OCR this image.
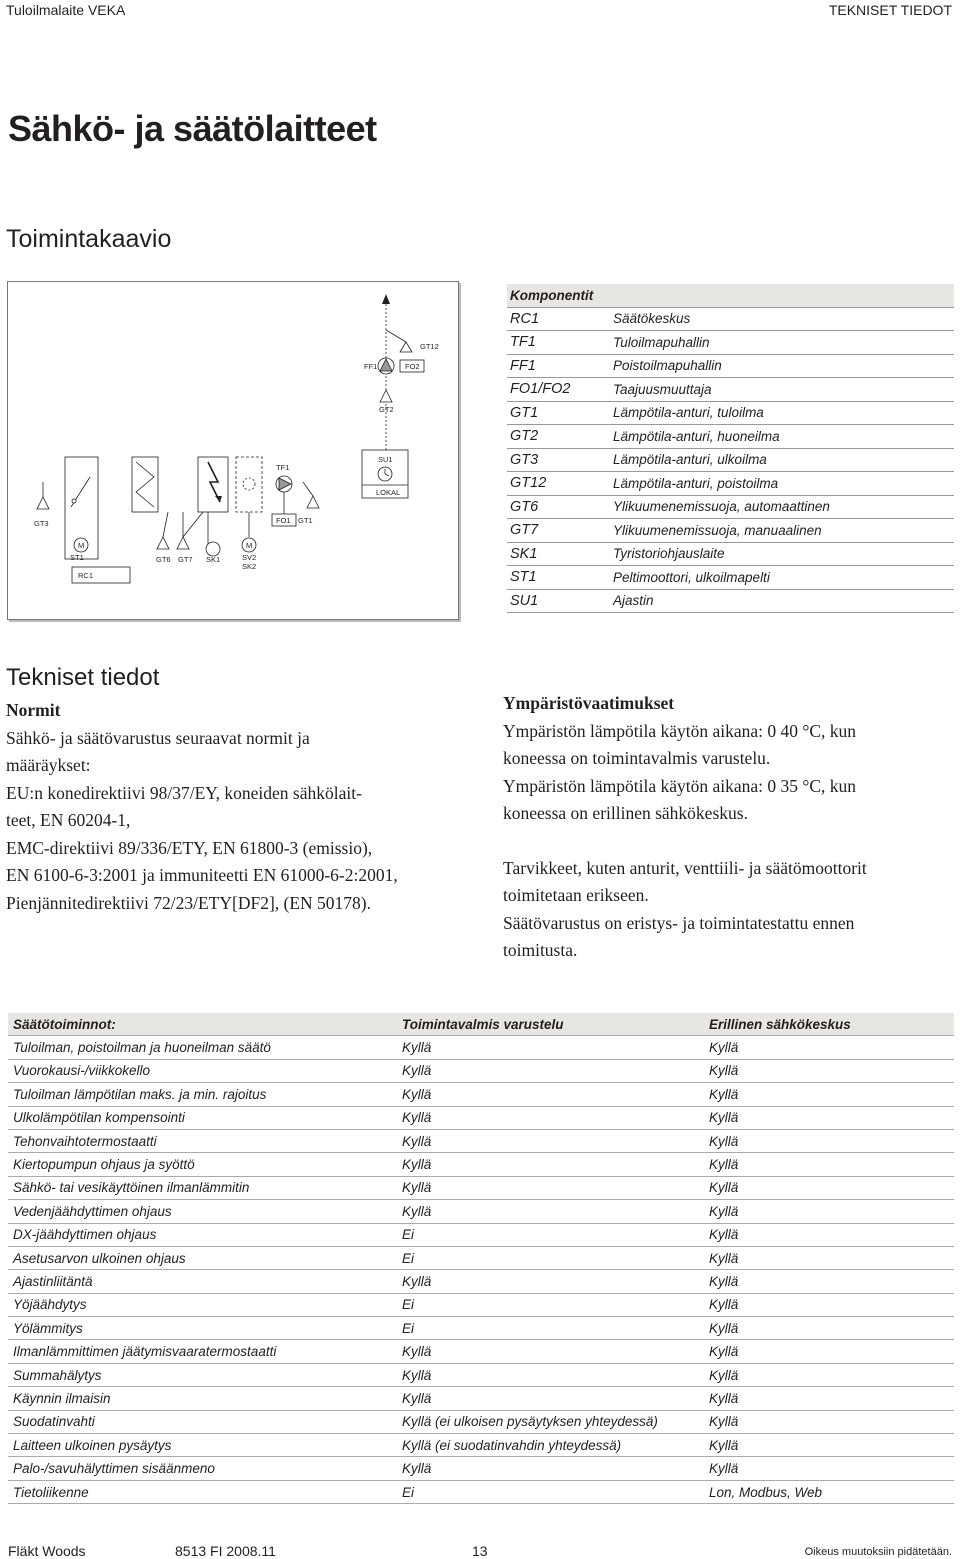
Tuloilmalaite VEKA	TEKNISET TIEDOT
Sähkö- ja säätölaitteet
Toimintakaavio
GT12
FF1	FO2
GT2
SU1
LOKAL
GT3
M
ST1
RC1
GT6 GT7 SK1
M
SV2
SK2
TF1
FO1 GT1
Komponentit	
RC1	Säätökeskus
TF1	Tuloilmapuhallin
FF1	Poistoilmapuhallin
FO1/FO2	Taajuusmuuttaja
GT1	Lämpötila-anturi, tuloilma
GT2	Lämpötila-anturi, huoneilma
GT3	Lämpötila-anturi, ulkoilma
GT12	Lämpötila-anturi, poistoilma
GT6	Ylikuumenemissuoja, automaattinen
GT7	Ylikuumenemissuoja, manuaalinen
SK1	Tyristoriohjauslaite
ST1	Peltimoottori, ulkoilmapelti
SU1	Ajastin
Tekniset tiedot
Normit
Sähkö- ja säätövarustus seuraavat normit ja
määräykset:
EU:n konedirektiivi 98/37/EY, koneiden sähkölait-
teet, EN 60204-1,
EMC-direktiivi 89/336/ETY, EN 61800-3 (emissio),
EN 6100-6-3:2001 ja immuniteetti EN 61000-6-2:2001,
Pienjännitedirektiivi 72/23/ETY[DF2], (EN 50178).
Ympäristövaatimukset
Ympäristön lämpötila käytön aikana: 0 40 °C, kun
koneessa on toimintavalmis varustelu.
Ympäristön lämpötila käytön aikana: 0 35 °C, kun
koneessa on erillinen sähkökeskus.
Tarvikkeet, kuten anturit, venttiili- ja säätömoottorit
toimitetaan erikseen.
Säätövarustus on eristys- ja toimintatestattu ennen
toimitusta.
Säätötoiminnot:	Toimintavalmis varustelu	Erillinen sähkökeskus
Tuloilman, poistoilman ja huoneilman säätö	Kyllä	Kyllä
Vuorokausi-/viikkokello	Kyllä	Kyllä
Tuloilman lämpötilan maks. ja min. rajoitus	Kyllä	Kyllä
Ulkolämpötilan kompensointi	Kyllä	Kyllä
Tehonvaihtotermostaatti	Kyllä	Kyllä
Kiertopumpun ohjaus ja syöttö	Kyllä	Kyllä
Sähkö- tai vesikäyttöinen ilmanlämmitin	Kyllä	Kyllä
Vedenjäähdyttimen ohjaus	Kyllä	Kyllä
DX-jäähdyttimen ohjaus	Ei	Kyllä
Asetusarvon ulkoinen ohjaus	Ei	Kyllä
Ajastinliitäntä	Kyllä	Kyllä
Yöjäähdytys	Ei	Kyllä
Yölämmitys	Ei	Kyllä
Ilmanlämmittimen jäätymisvaaratermostaatti	Kyllä	Kyllä
Summahälytys	Kyllä	Kyllä
Käynnin ilmaisin	Kyllä	Kyllä
Suodatinvahti	Kyllä (ei ulkoisen pysäytyksen yhteydessä)	Kyllä
Laitteen ulkoinen pysäytys	Kyllä (ei suodatinvahdin yhteydessä)	Kyllä
Palo-/savuhälyttimen sisäänmeno	Kyllä	Kyllä
Tietoliikenne	Ei	Lon, Modbus, Web
Fläkt Woods	8513 FI 2008.11	13	Oikeus muutoksiin pidätetään.
